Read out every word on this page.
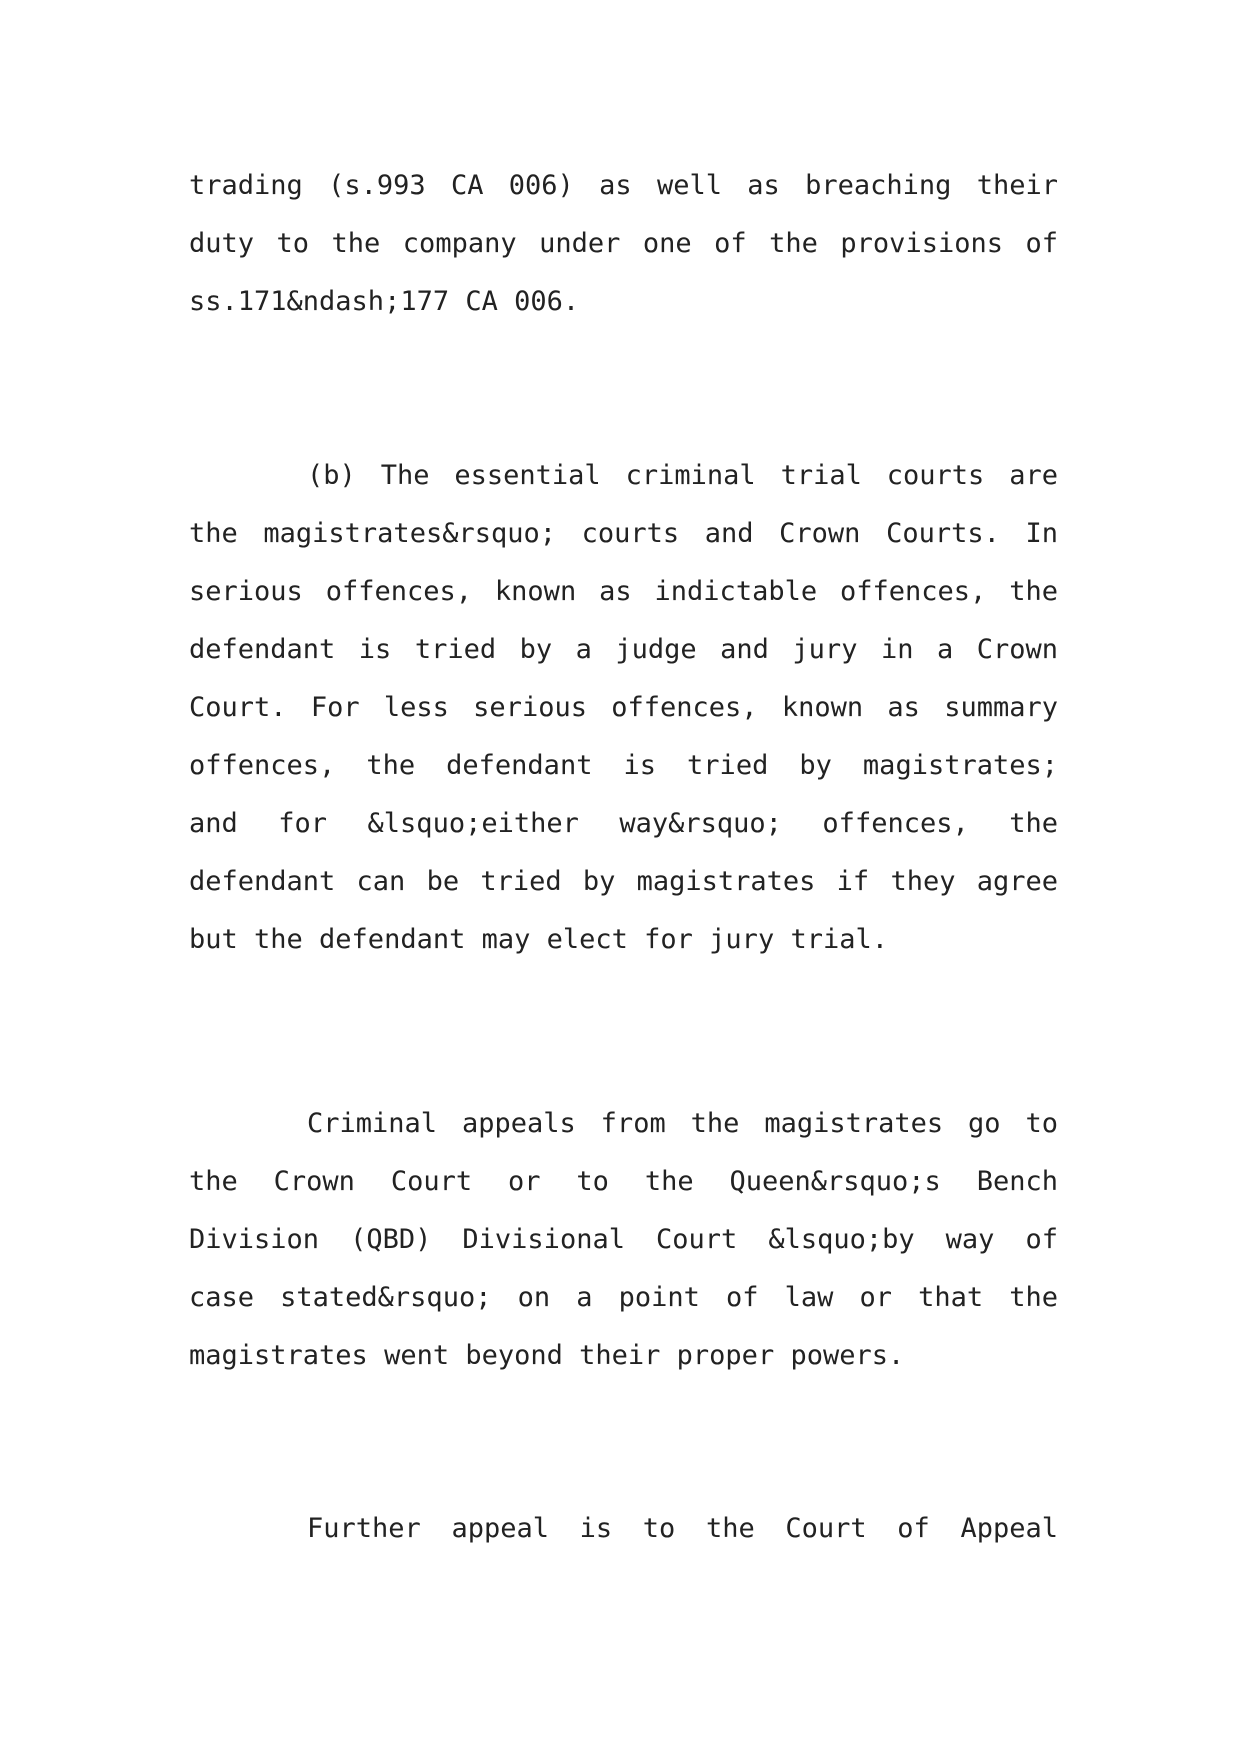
trading (s.993 CA 006) as well as breaching their
duty to the company under one of the provisions of
ss.171&ndash;177 CA 006.
(b) The essential criminal trial courts are
the magistrates&rsquo; courts and Crown Courts. In
serious offences, known as indictable offences, the
defendant is tried by a judge and jury in a Crown
Court. For less serious offences, known as summary
offences, the defendant is tried by magistrates;
and for &lsquo;either way&rsquo; offences, the
defendant can be tried by magistrates if they agree
but the defendant may elect for jury trial.
Criminal appeals from the magistrates go to
the Crown Court or to the Queen&rsquo;s Bench
Division (QBD) Divisional Court &lsquo;by way of
case stated&rsquo; on a point of law or that the
magistrates went beyond their proper powers.
Further appeal is to the Court of Appeal
